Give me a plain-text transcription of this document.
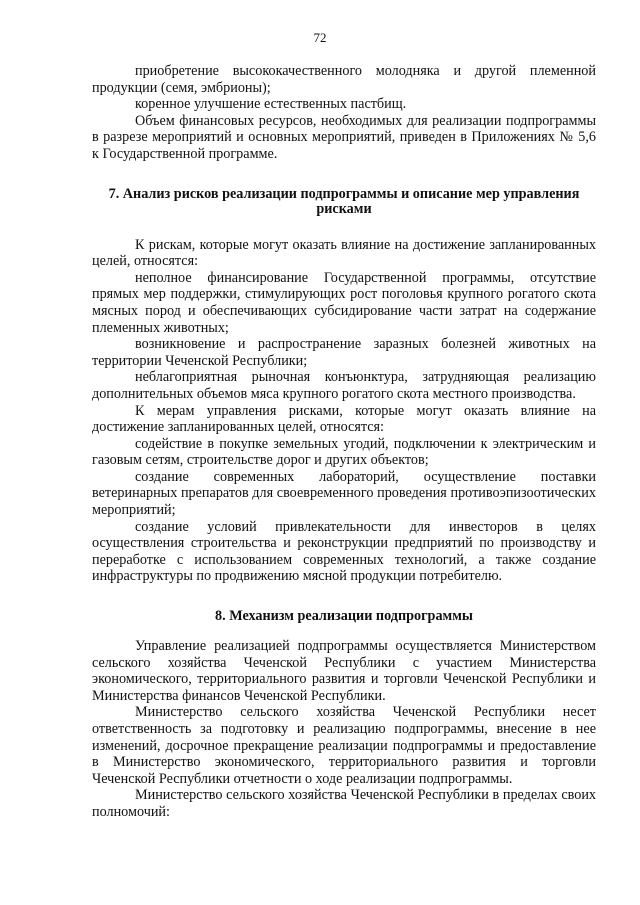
72

приобретение высококачественного молодняка и другой племенной продукции (семя, эмбрионы);

коренное улучшение естественных пастбищ.

Объем финансовых ресурсов, необходимых для реализации подпрограммы в разрезе мероприятий и основных мероприятий, приведен в Приложениях № 5,6 к Государственной программе.

7. Анализ рисков реализации подпрограммы и описание мер управления рисками

К рискам, которые могут оказать влияние на достижение запланированных целей, относятся:

неполное финансирование Государственной программы, отсутствие прямых мер поддержки, стимулирующих рост поголовья крупного рогатого скота мясных пород и обеспечивающих субсидирование части затрат на содержание племенных животных;

возникновение и распространение заразных болезней животных на территории Чеченской Республики;

неблагоприятная рыночная конъюнктура, затрудняющая реализацию дополнительных объемов мяса крупного рогатого скота местного производства.

К мерам управления рисками, которые могут оказать влияние на достижение запланированных целей, относятся:

содействие в покупке земельных угодий, подключении к электрическим и газовым сетям, строительстве дорог и других объектов;

создание современных лабораторий, осуществление поставки ветеринарных препаратов для своевременного проведения противоэпизоотических мероприятий;

создание условий привлекательности для инвесторов в целях осуществления строительства и реконструкции предприятий по производству и переработке с использованием современных технологий, а также создание инфраструктуры по продвижению мясной продукции потребителю.

8. Механизм реализации подпрограммы

Управление реализацией подпрограммы осуществляется Министерством сельского хозяйства Чеченской Республики с участием Министерства экономического, территориального развития и торговли Чеченской Республики и Министерства финансов Чеченской Республики.

Министерство сельского хозяйства Чеченской Республики несет ответственность за подготовку и реализацию подпрограммы, внесение в нее изменений, досрочное прекращение реализации подпрограммы и предоставление в Министерство экономического, территориального развития и торговли Чеченской Республики отчетности о ходе реализации подпрограммы.

Министерство сельского хозяйства Чеченской Республики в пределах своих полномочий:
